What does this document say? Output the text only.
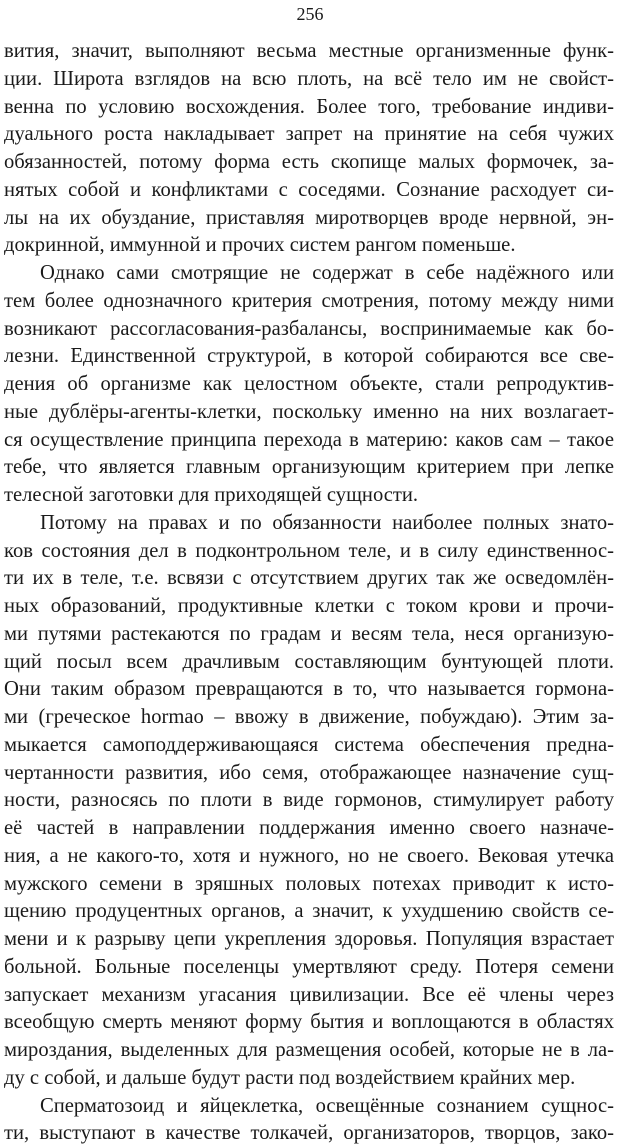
256
вития, значит, выполняют весьма местные организменные функ-
ции. Широта взглядов на всю плоть, на всё тело им не свойст-
венна по условию восхождения. Более того, требование индиви-
дуального роста накладывает запрет на принятие на себя чужих
обязанностей, потому форма есть скопище малых формочек, за-
нятых собой и конфликтами с соседями. Сознание расходует си-
лы на их обуздание, приставляя миротворцев вроде нервной, эн-
докринной, иммунной и прочих систем рангом поменьше.
Однако сами смотрящие не содержат в себе надёжного или
тем более однозначного критерия смотрения, потому между ними
возникают рассогласования-разбалансы, воспринимаемые как бо-
лезни. Единственной структурой, в которой собираются все све-
дения об организме как целостном объекте, стали репродуктив-
ные дублёры-агенты-клетки, поскольку именно на них возлагает-
ся осуществление принципа перехода в материю: каков сам – такое
тебе, что является главным организующим критерием при лепке
телесной заготовки для приходящей сущности.
Потому на правах и по обязанности наиболее полных знато-
ков состояния дел в подконтрольном теле, и в силу единственнос-
ти их в теле, т.е. всвязи с отсутствием других так же осведомлён-
ных образований, продуктивные клетки с током крови и прочи-
ми путями растекаются по градам и весям тела, неся организую-
щий посыл всем драчливым составляющим бунтующей плоти.
Они таким образом превращаются в то, что называется гормона-
ми (греческое hormao – ввожу в движение, побуждаю). Этим за-
мыкается самоподдерживающаяся система обеспечения предна-
чертанности развития, ибо семя, отображающее назначение сущ-
ности, разносясь по плоти в виде гормонов, стимулирует работу
её частей в направлении поддержания именно своего назначе-
ния, а не какого-то, хотя и нужного, но не своего. Вековая утечка
мужского семени в зряшных половых потехах приводит к исто-
щению продуцентных органов, а значит, к ухудшению свойств се-
мени и к разрыву цепи укрепления здоровья. Популяция взрастает
больной. Больные поселенцы умертвляют среду. Потеря семени
запускает механизм угасания цивилизации. Все её члены через
всеобщую смерть меняют форму бытия и воплощаются в областях
мироздания, выделенных для размещения особей, которые не в ла-
ду с собой, и дальше будут расти под воздействием крайних мер.
Сперматозоид и яйцеклетка, освещённые сознанием сущнос-
ти, выступают в качестве толкачей, организаторов, творцов, зако-
